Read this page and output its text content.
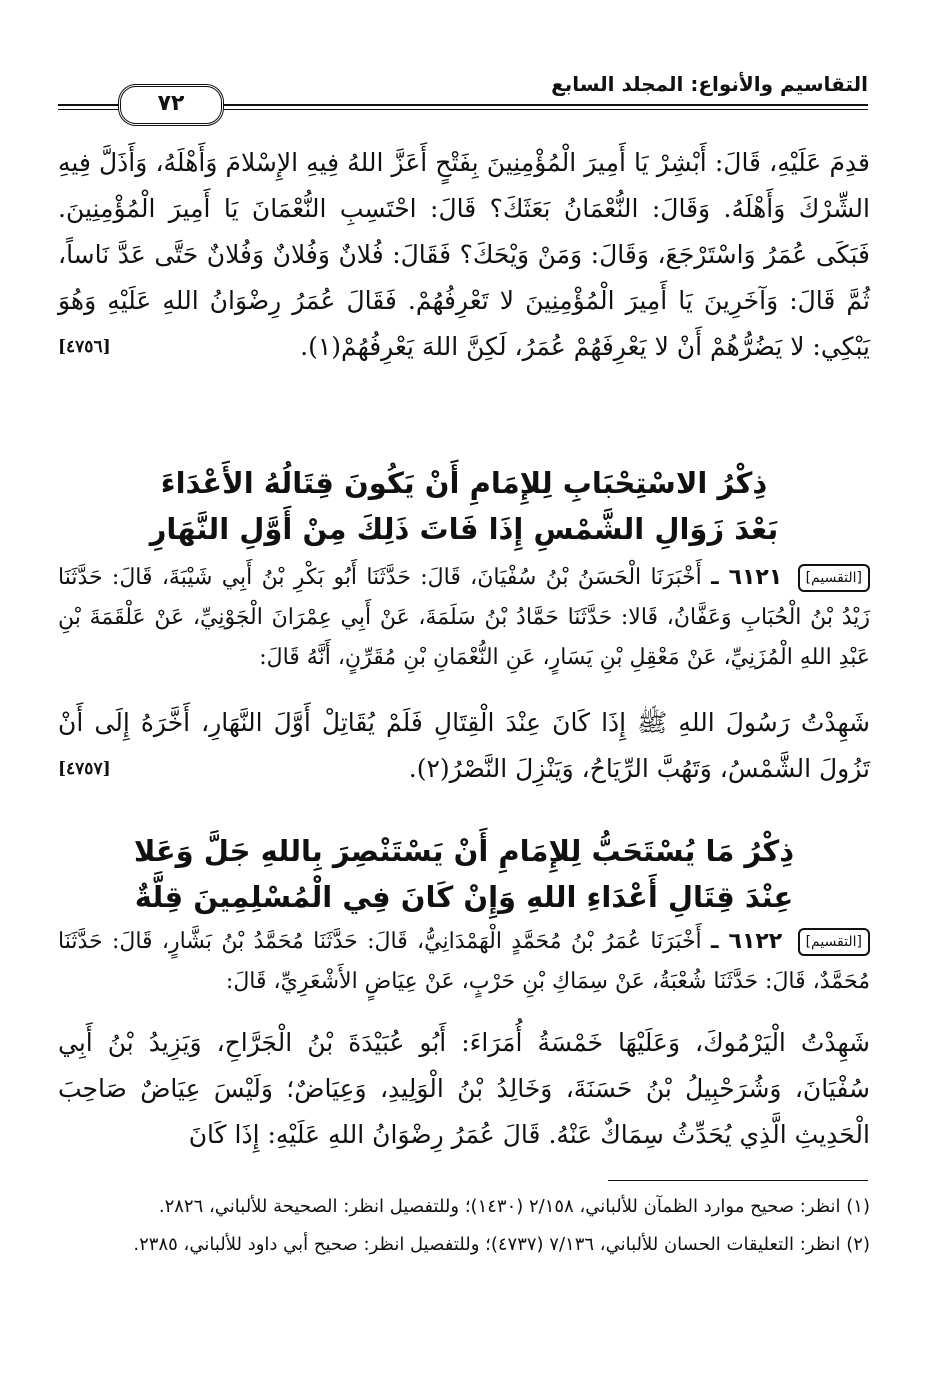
٧٢
التقاسيم والأنواع: المجلد السابع
قدِمَ عَلَيْهِ، قَالَ: أَبْشِرْ يَا أَمِيرَ الْمُؤْمِنِينَ بِفَتْحٍ أَعَزَّ اللهُ فِيهِ الإِسْلامَ وَأَهْلَهُ، وَأَذَلَّ فِيهِ الشِّرْكَ وَأَهْلَهُ. وَقَالَ: النُّعْمَانُ بَعَثَكَ؟ قَالَ: احْتَسِبِ النُّعْمَانَ يَا أَمِيرَ الْمُؤْمِنِينَ. فَبَكَى عُمَرُ وَاسْتَرْجَعَ، وَقَالَ: وَمَنْ وَيْحَكَ؟ فَقَالَ: فُلانٌ وَفُلانٌ وَفُلانٌ حَتَّى عَدَّ نَاساً، ثُمَّ قَالَ: وَآخَرِينَ يَا أَمِيرَ الْمُؤْمِنِينَ لا تَعْرِفُهُمْ. فَقَالَ عُمَرُ رِضْوَانُ اللهِ عَلَيْهِ وَهُوَ يَبْكِي: لا يَضُرُّهُمْ أَنْ لا يَعْرِفَهُمْ عُمَرُ، لَكِنَّ اللهَ يَعْرِفُهُمْ(١).
[٤٧٥٦]
ذِكْرُ الاسْتِحْبَابِ لِلإِمَامِ أَنْ يَكُونَ قِتَالُهُ الأَعْدَاءَ
بَعْدَ زَوَالِ الشَّمْسِ إِذَا فَاتَ ذَلِكَ مِنْ أَوَّلِ النَّهَارِ
[التقسيم] ٦١٢١ ـ أَخْبَرَنَا الْحَسَنُ بْنُ سُفْيَانَ، قَالَ: حَدَّثَنَا أَبُو بَكْرِ بْنُ أَبِي شَيْبَةَ، قَالَ: حَدَّثَنَا زَيْدُ بْنُ الْحُبَابِ وَعَفَّانُ، قَالا: حَدَّثَنَا حَمَّادُ بْنُ سَلَمَةَ، عَنْ أَبِي عِمْرَانَ الْجَوْنِيِّ، عَنْ عَلْقَمَةَ بْنِ عَبْدِ اللهِ الْمُزَنِيِّ، عَنْ مَعْقِلِ بْنِ يَسَارٍ، عَنِ النُّعْمَانِ بْنِ مُقَرِّنٍ، أَنَّهُ قَالَ:
شَهِدْتُ رَسُولَ اللهِ ﷺ إِذَا كَانَ عِنْدَ الْقِتَالِ فَلَمْ يُقَاتِلْ أَوَّلَ النَّهَارِ، أَخَّرَهُ إِلَى أَنْ تَزُولَ الشَّمْسُ، وَتَهُبَّ الرِّيَاحُ، وَيَنْزِلَ النَّصْرُ(٢).
[٤٧٥٧]
ذِكْرُ مَا يُسْتَحَبُّ لِلإِمَامِ أَنْ يَسْتَنْصِرَ بِاللهِ جَلَّ وَعَلا
عِنْدَ قِتَالِ أَعْدَاءِ اللهِ وَإِنْ كَانَ فِي الْمُسْلِمِينَ قِلَّةٌ
[التقسيم] ٦١٢٢ ـ أَخْبَرَنَا عُمَرُ بْنُ مُحَمَّدٍ الْهَمْدَانِيُّ، قَالَ: حَدَّثَنَا مُحَمَّدُ بْنُ بَشَّارٍ، قَالَ: حَدَّثَنَا مُحَمَّدٌ، قَالَ: حَدَّثَنَا شُعْبَةُ، عَنْ سِمَاكِ بْنِ حَرْبٍ، عَنْ عِيَاضٍ الأَشْعَرِيِّ، قَالَ:
شَهِدْتُ الْيَرْمُوكَ، وَعَلَيْهَا خَمْسَةُ أُمَرَاءَ: أَبُو عُبَيْدَةَ بْنُ الْجَرَّاحِ، وَيَزِيدُ بْنُ أَبِي سُفْيَانَ، وَشُرَحْبِيلُ بْنُ حَسَنَةَ، وَخَالِدُ بْنُ الْوَلِيدِ، وَعِيَاضٌ؛ وَلَيْسَ عِيَاضٌ صَاحِبَ الْحَدِيثِ الَّذِي يُحَدِّثُ سِمَاكٌ عَنْهُ. قَالَ عُمَرُ رِضْوَانُ اللهِ عَلَيْهِ: إِذَا كَانَ
(١) انظر: صحيح موارد الظمآن للألباني، ٢/١٥٨ (١٤٣٠)؛ وللتفصيل انظر: الصحيحة للألباني، ٢٨٢٦.
(٢) انظر: التعليقات الحسان للألباني، ٧/١٣٦ (٤٧٣٧)؛ وللتفصيل انظر: صحيح أبي داود للألباني، ٢٣٨٥.
